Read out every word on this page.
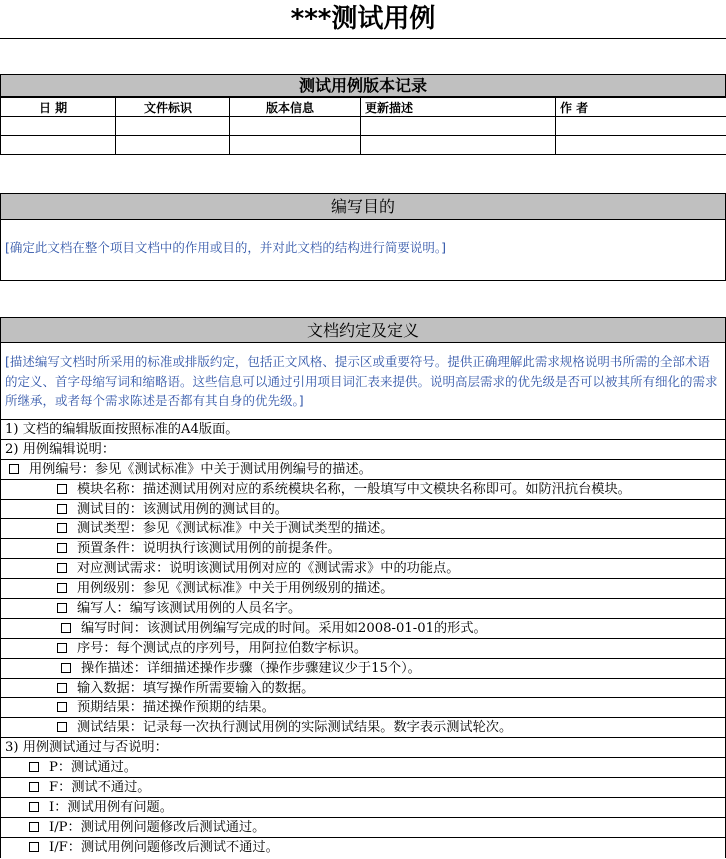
***测试用例
测试用例版本记录
日 期	文件标识	版本信息	更新描述	作 者

编写目的
[确定此文档在整个项目文档中的作用或目的，并对此文档的结构进行简要说明。]
文档约定及定义
[描述编写文档时所采用的标准或排版约定，包括正文风格、提示区或重要符号。提供正确理解此需求规格说明书所需的全部术语的定义、首字母缩写词和缩略语。这些信息可以通过引用项目词汇表来提供。说明高层需求的优先级是否可以被其所有细化的需求所继承，或者每个需求陈述是否都有其自身的优先级。]
1) 文档的编辑版面按照标准的A4版面。
2) 用例编辑说明：
用例编号：参见《测试标准》中关于测试用例编号的描述。
模块名称：描述测试用例对应的系统模块名称，一般填写中文模块名称即可。如防汛抗台模块。
测试目的：该测试用例的测试目的。
测试类型：参见《测试标准》中关于测试类型的描述。
预置条件：说明执行该测试用例的前提条件。
对应测试需求：说明该测试用例对应的《测试需求》中的功能点。
用例级别：参见《测试标准》中关于用例级别的描述。
编写人：编写该测试用例的人员名字。
编写时间：该测试用例编写完成的时间。采用如2008-01-01的形式。
序号：每个测试点的序列号，用阿拉伯数字标识。
操作描述：详细描述操作步骤（操作步骤建议少于15个）。
输入数据：填写操作所需要输入的数据。
预期结果：描述操作预期的结果。
测试结果：记录每一次执行测试用例的实际测试结果。数字表示测试轮次。
3) 用例测试通过与否说明：
P：测试通过。
F：测试不通过。
I：测试用例有问题。
I/P：测试用例问题修改后测试通过。
I/F：测试用例问题修改后测试不通过。
